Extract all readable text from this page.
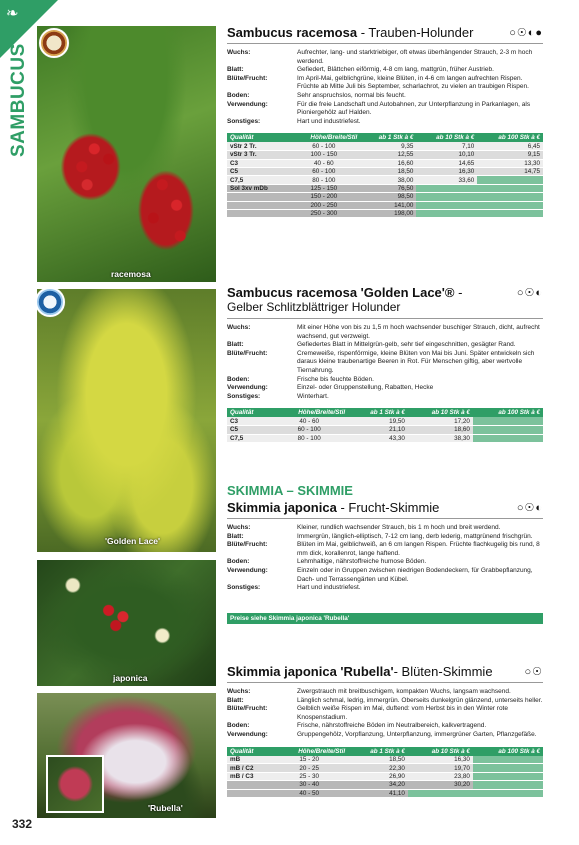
❧
SAMBUCUS
racemosa
'Golden Lace'
japonica
'Rubella'
332
Sambucus racemosa - Trauben-Holunder	○☉◐●
Wuchs:	Aufrechter, lang- und starktriebiger, oft etwas überhängender Strauch, 2-3 m hoch werdend.
Blatt:	Gefiedert, Blättchen eiförmig, 4-8 cm lang, mattgrün, früher Austrieb.
Blüte/Frucht:	Im April-Mai, gelblichgrüne, kleine Blüten, in 4-6 cm langen aufrechten Rispen. Früchte ab Mitte Juli bis September, scharlachrot, zu vielen an traubigen Rispen.
Boden:	Sehr anspruchslos, normal bis feucht.
Verwendung:	Für die freie Landschaft und Autobahnen, zur Unterpflanzung in Parkanlagen, als Pioniergehölz auf Halden.
Sonstiges:	Hart und industriefest.
Qualität	Höhe/Breite/Stil	ab 1 Stk à €	ab 10 Stk à €	ab 100 Stk à €
vStr 2 Tr.	60 - 100	9,35	7,10	6,45
vStr 3 Tr.	100 - 150	12,55	10,10	9,15
C3	40 - 60	16,60	14,65	13,30
C5	60 - 100	18,50	16,30	14,75
C7,5	80 - 100	38,00	33,60	
Sol 3xv mDb	125 - 150	76,50		
	150 - 200	98,50		
	200 - 250	141,00		
	250 - 300	198,00		
Sambucus racemosa 'Golden Lace'® -
Gelber Schlitzblättriger Holunder
○☉◐
Wuchs:	Mit einer Höhe von bis zu 1,5 m hoch wachsender buschiger Strauch, dicht, aufrecht wachsend, gut verzweigt.
Blatt:	Gefiedertes Blatt in Mittelgrün-gelb, sehr tief eingeschnitten, gesägter Rand.
Blüte/Frucht:	Cremeweiße, rispenförmige, kleine Blüten von Mai bis Juni. Später entwickeln sich daraus kleine traubenartige Beeren in Rot. Für Menschen giftig, aber wertvolle Tiernahrung.
Boden:	Frische bis feuchte Böden.
Verwendung:	Einzel- oder Gruppenstellung, Rabatten, Hecke
Sonstiges:	Winterhart.
Qualität	Höhe/Breite/Stil	ab 1 Stk à €	ab 10 Stk à €	ab 100 Stk à €
C3	40 - 60	19,50	17,20	
C5	60 - 100	21,10	18,60	
C7,5	80 - 100	43,30	38,30	
SKIMMIA – SKIMMIE
Skimmia japonica - Frucht-Skimmie	○☉◐
Wuchs:	Kleiner, rundlich wachsender Strauch, bis 1 m hoch und breit werdend.
Blatt:	Immergrün, länglich-elliptisch, 7-12 cm lang, derb lederig, mattgrünend frischgrün.
Blüte/Frucht:	Blüten im Mai, gelblichweiß, an 6 cm langen Rispen. Früchte flachkugelig bis rund, 8 mm dick, korallenrot, lange haftend.
Boden:	Lehmhaltige, nährstoffreiche humose Böden.
Verwendung:	Einzeln oder in Gruppen zwischen niedrigen Bodendeckern, für Grabbepflanzung, Dach- und Terrassengärten und Kübel.
Sonstiges:	Hart und industriefest.
Preise siehe Skimmia japonica 'Rubella'
Skimmia japonica 'Rubella'- Blüten-Skimmie	○☉
Wuchs:	Zwergstrauch mit breitbuschigem, kompakten Wuchs, langsam wachsend.
Blatt:	Länglich schmal, ledrig, immergrün. Oberseits dunkelgrün glänzend, unterseits heller.
Blüte/Frucht:	Gelblich weiße Rispen im Mai, duftend: vom Herbst bis in den Winter rote Knospenstadium.
Boden:	Frische, nährstoffreiche Böden im Neutralbereich, kalkvertragend.
Verwendung:	Gruppengehölz, Vorpflanzung, Unterpflanzung, immergrüner Garten, Pflanzgefäße.
Qualität	Höhe/Breite/Stil	ab 1 Stk à €	ab 10 Stk à €	ab 100 Stk à €
mB	15 - 20	18,50	16,30	
mB / C2	20 - 25	22,30	19,70	
mB / C3	25 - 30	26,90	23,80	
	30 - 40	34,20	30,20	
	40 - 50	41,10		
